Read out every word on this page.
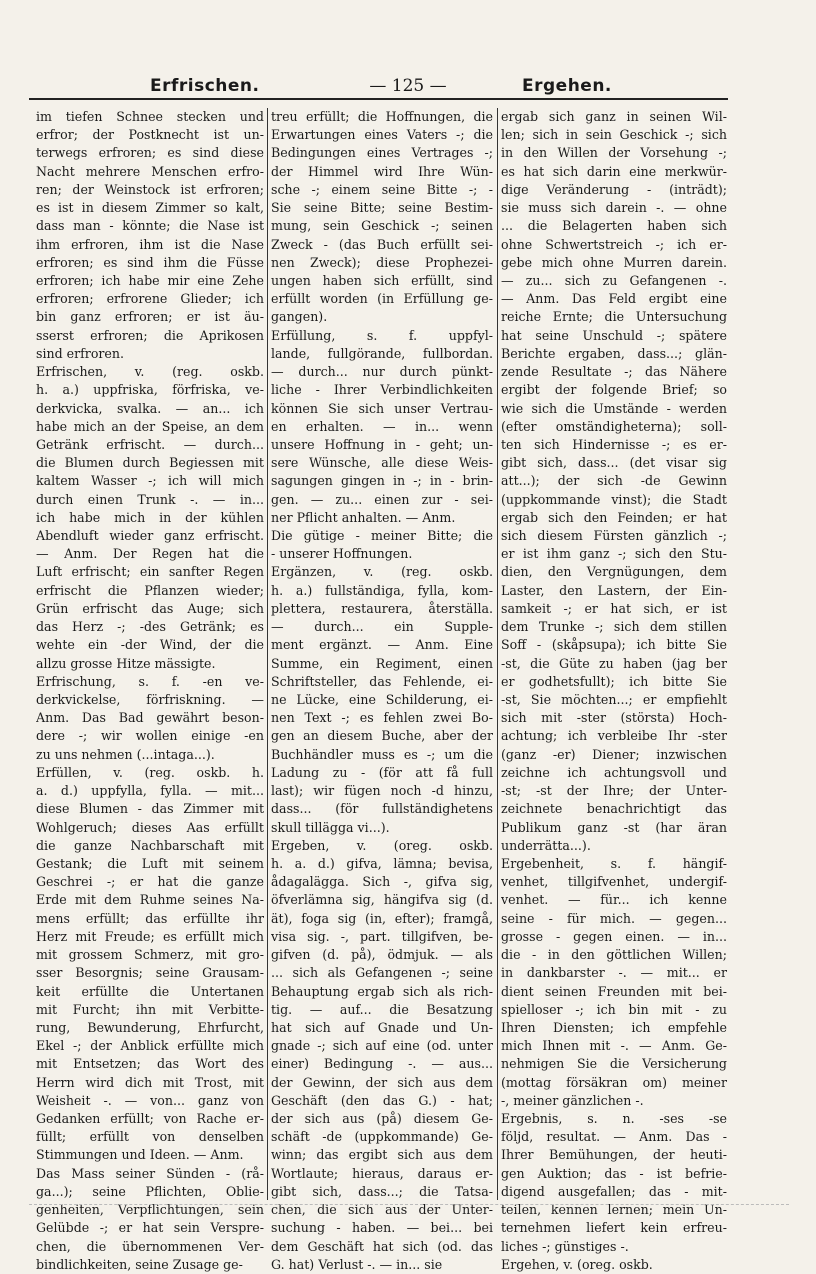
— 125 —
Erfrischen.	Ergehen.
im tiefen Schnee stecken und
erfror; der Postknecht ist un-
terwegs erfroren; es sind diese
Nacht mehrere Menschen erfro-
ren; der Weinstock ist erfroren;
es ist in diesem Zimmer so kalt,
dass man - könnte; die Nase ist
ihm erfroren, ihm ist die Nase
erfroren; es sind ihm die Füsse
erfroren; ich habe mir eine Zehe
erfroren; erfrorene Glieder; ich
bin ganz erfroren; er ist äu-
sserst erfroren; die Aprikosen
sind erfroren.
Erfrischen, v. (reg. oskb.
h. a.) uppfriska, förfriska, ve-
derkvicka, svalka. — an... ich
habe mich an der Speise, an dem
Getränk erfrischt. — durch...
die Blumen durch Begiessen mit
kaltem Wasser -; ich will mich
durch einen Trunk -. — in...
ich habe mich in der kühlen
Abendluft wieder ganz erfrischt.
— Anm. Der Regen hat die
Luft erfrischt; ein sanfter Regen
erfrischt die Pflanzen wieder;
Grün erfrischt das Auge; sich
das Herz -; -des Getränk; es
wehte ein -der Wind, der die
allzu grosse Hitze mässigte.
Erfrischung, s. f. -en ve-
derkvickelse, förfriskning. —
Anm. Das Bad gewährt beson-
dere -; wir wollen einige -en
zu uns nehmen (...intaga...).
Erfüllen, v. (reg. oskb. h.
a. d.) uppfylla, fylla. — mit...
diese Blumen - das Zimmer mit
Wohlgeruch; dieses Aas erfüllt
die ganze Nachbarschaft mit
Gestank; die Luft mit seinem
Geschrei -; er hat die ganze
Erde mit dem Ruhme seines Na-
mens erfüllt; das erfüllte ihr
Herz mit Freude; es erfüllt mich
mit grossem Schmerz, mit gro-
sser Besorgnis; seine Grausam-
keit erfüllte die Untertanen
mit Furcht; ihn mit Verbitte-
rung, Bewunderung, Ehrfurcht,
Ekel -; der Anblick erfüllte mich
mit Entsetzen; das Wort des
Herrn wird dich mit Trost, mit
Weisheit -. — von... ganz von
Gedanken erfüllt; von Rache er-
füllt; erfüllt von denselben
Stimmungen und Ideen. — Anm.
Das Mass seiner Sünden - (rå-
ga...); seine Pflichten, Oblie-
genheiten, Verpflichtungen, sein
Gelübde -; er hat sein Verspre-
chen, die übernommenen Ver-
bindlichkeiten, seine Zusage ge-
treu erfüllt; die Hoffnungen, die
Erwartungen eines Vaters -; die
Bedingungen eines Vertrages -;
der Himmel wird Ihre Wün-
sche -; einem seine Bitte -; -
Sie seine Bitte; seine Bestim-
mung, sein Geschick -; seinen
Zweck - (das Buch erfüllt sei-
nen Zweck); diese Prophezei-
ungen haben sich erfüllt, sind
erfüllt worden (in Erfüllung ge-
gangen).
Erfüllung, s. f. uppfyl-
lande, fullgörande, fullbordan.
— durch... nur durch pünkt-
liche - Ihrer Verbindlichkeiten
können Sie sich unser Vertrau-
en erhalten. — in... wenn
unsere Hoffnung in - geht; un-
sere Wünsche, alle diese Weis-
sagungen gingen in -; in - brin-
gen. — zu... einen zur - sei-
ner Pflicht anhalten. — Anm.
Die gütige - meiner Bitte; die
- unserer Hoffnungen.
Ergänzen, v. (reg. oskb.
h. a.) fullständiga, fylla, kom-
plettera, restaurera, återställa.
— durch... ein Supple-
ment ergänzt. — Anm. Eine
Summe, ein Regiment, einen
Schriftsteller, das Fehlende, ei-
ne Lücke, eine Schilderung, ei-
nen Text -; es fehlen zwei Bo-
gen an diesem Buche, aber der
Buchhändler muss es -; um die
Ladung zu - (för att få full
last); wir fügen noch -d hinzu,
dass... (för fullständighetens
skull tillägga vi...).
Ergeben, v. (oreg. oskb.
h. a. d.) gifva, lämna; bevisa,
ådagalägga. Sich -, gifva sig,
öfverlämna sig, hängifva sig (d.
ät), foga sig (in, efter); framgå,
visa sig. -, part. tillgifven, be-
gifven (d. på), ödmjuk. — als
... sich als Gefangenen -; seine
Behauptung ergab sich als rich-
tig. — auf... die Besatzung
hat sich auf Gnade und Un-
gnade -; sich auf eine (od. unter
einer) Bedingung -. — aus...
der Gewinn, der sich aus dem
Geschäft (den das G.) - hat;
der sich aus (på) diesem Ge-
schäft -de (uppkommande) Ge-
winn; das ergibt sich aus dem
Wortlaute; hieraus, daraus er-
gibt sich, dass...; die Tatsa-
chen, die sich aus der Unter-
suchung - haben. — bei... bei
dem Geschäft hat sich (od. das
G. hat) Verlust -. — in... sie
ergab sich ganz in seinen Wil-
len; sich in sein Geschick -; sich
in den Willen der Vorsehung -;
es hat sich darin eine merkwür-
dige Veränderung - (inträdt);
sie muss sich darein -. — ohne
... die Belagerten haben sich
ohne Schwertstreich -; ich er-
gebe mich ohne Murren darein.
— zu... sich zu Gefangenen -.
— Anm. Das Feld ergibt eine
reiche Ernte; die Untersuchung
hat seine Unschuld -; spätere
Berichte ergaben, dass...; glän-
zende Resultate -; das Nähere
ergibt der folgende Brief; so
wie sich die Umstände - werden
(efter omständigheterna); soll-
ten sich Hindernisse -; es er-
gibt sich, dass... (det visar sig
att...); der sich -de Gewinn
(uppkommande vinst); die Stadt
ergab sich den Feinden; er hat
sich diesem Fürsten gänzlich -;
er ist ihm ganz -; sich den Stu-
dien, den Vergnügungen, dem
Laster, den Lastern, der Ein-
samkeit -; er hat sich, er ist
dem Trunke -; sich dem stillen
Soff - (skåpsupa); ich bitte Sie
-st, die Güte zu haben (jag ber
er godhetsfullt); ich bitte Sie
-st, Sie möchten...; er empfiehlt
sich mit -ster (största) Hoch-
achtung; ich verbleibe Ihr -ster
(ganz -er) Diener; inzwischen
zeichne ich achtungsvoll und
-st; -st der Ihre; der Unter-
zeichnete benachrichtigt das
Publikum ganz -st (har äran
underrätta...).
Ergebenheit, s. f. hängif-
venhet, tillgifvenhet, undergif-
venhet. — für... ich kenne
seine - für mich. — gegen...
grosse - gegen einen. — in...
die - in den göttlichen Willen;
in dankbarster -. — mit... er
dient seinen Freunden mit bei-
spielloser -; ich bin mit - zu
Ihren Diensten; ich empfehle
mich Ihnen mit -. — Anm. Ge-
nehmigen Sie die Versicherung
(mottag försäkran om) meiner
-, meiner gänzlichen -.
Ergebnis, s. n. -ses -se
följd, resultat. — Anm. Das -
Ihrer Bemühungen, der heuti-
gen Auktion; das - ist befrie-
digend ausgefallen; das - mit-
teilen, kennen lernen; mein Un-
ternehmen liefert kein erfreu-
liches -; günstiges -.
Ergehen, v. (oreg. oskb.
